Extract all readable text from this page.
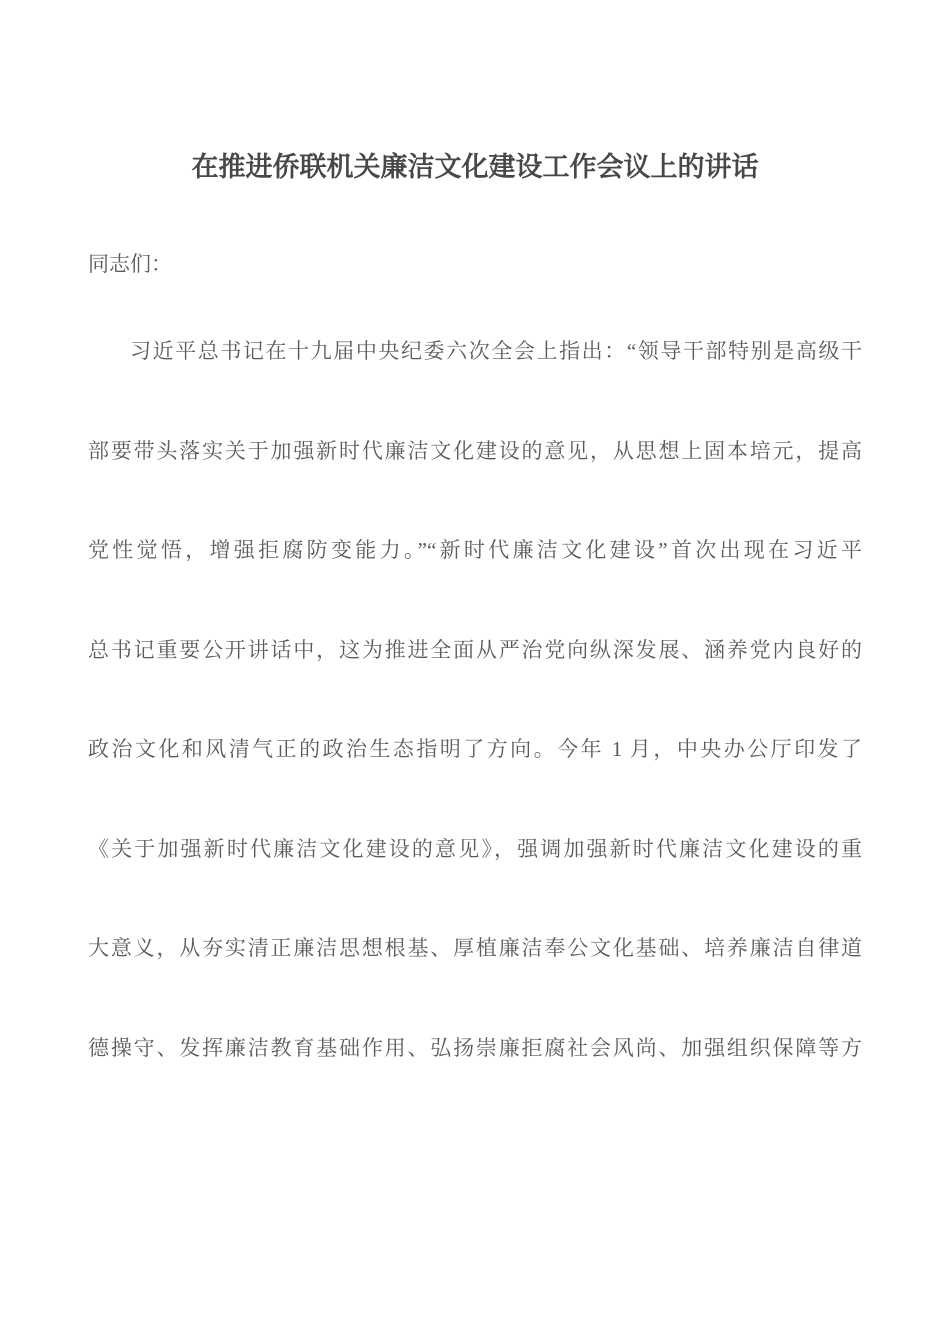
在推进侨联机关廉洁文化建设工作会议上的讲话
同志们：
习近平总书记在十九届中央纪委六次全会上指出：“领导干部特别是高级干
部要带头落实关于加强新时代廉洁文化建设的意见，从思想上固本培元，提高
党性觉悟，增强拒腐防变能力。”“新时代廉洁文化建设”首次出现在习近平
总书记重要公开讲话中，这为推进全面从严治党向纵深发展、涵养党内良好的
政治文化和风清气正的政治生态指明了方向。今年 1 月，中央办公厅印发了
《关于加强新时代廉洁文化建设的意见》，强调加强新时代廉洁文化建设的重
大意义，从夯实清正廉洁思想根基、厚植廉洁奉公文化基础、培养廉洁自律道
德操守、发挥廉洁教育基础作用、弘扬崇廉拒腐社会风尚、加强组织保障等方
